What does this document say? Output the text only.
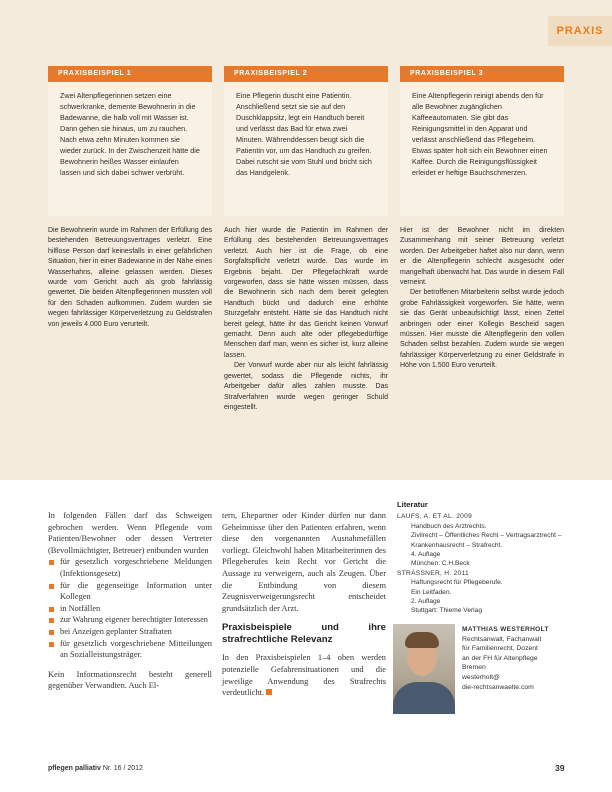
PRAXIS
PRAXISBEISPIEL 1
Zwei Altenpflegerinnen setzen eine schwerkranke, demente Bewohnerin in die Badewanne, die halb voll mit Wasser ist. Dann gehen sie hinaus, um zu rauchen. Nach etwa zehn Minuten kommen sie wieder zurück. In der Zwischenzeit hätte die Bewohnerin heißes Wasser einlaufen lassen und sich dabei schwer verbrüht.
PRAXISBEISPIEL 2
Eine Pflegerin duscht eine Patientin. Anschließend setzt sie sie auf den Duschklappsitz, legt ein Handtuch bereit und verlässt das Bad für etwa zwei Minuten. Währenddessen beugt sich die Patientin vor, um das Handtuch zu greifen. Dabei rutscht sie vom Stuhl und bricht sich das Handgelenk.
PRAXISBEISPIEL 3
Eine Altenpflegerin reinigt abends den für alle Bewohner zugänglichen Kaffeeautomaten. Sie gibt das Reinigungsmittel in den Apparat und verlässt anschließend das Pflegeheim. Etwas später holt sich ein Bewohner einen Kaffee. Durch die Reinigungsflüssigkeit erleidet er heftige Bauchschmerzen.

Die Bewohnerin wurde im Rahmen der Erfüllung des bestehenden Betreuungsvertrages verletzt. Eine hilflose Person darf keinesfalls in einer gefährlichen Situation, hier in einer Badewanne in der Nähe eines Wasserhahns, alleine gelassen werden. Dieses wurde vom Gericht auch als grob fahrlässig gewertet. Die beiden Altenpflegerinnen mussten voll für den Schaden aufkommen. Zudem wurden sie wegen fahrlässiger Körperverletzung zu Geldstrafen von jeweils 4.000 Euro verurteilt.

Auch hier wurde die Patientin im Rahmen der Erfüllung des bestehenden Betreuungsvertrages verletzt. Auch hier ist die Frage, ob eine Sorgfaltspflicht verletzt wurde. Das wurde im Ergebnis bejaht. Der Pflegefachkraft wurde vorgeworfen, dass sie hätte wissen müssen, dass die Bewohnerin sich nach dem bereit gelegten Handtuch bückt und dadurch eine erhöhte Sturzgefahr entsteht. Hätte sie das Handtuch nicht bereit gelegt, hätte ihr das Gericht keinen Vorwurf gemacht. Denn auch alte oder pflegebedürftige Menschen darf man, wenn es sicher ist, kurz alleine lassen.

Der Vorwurf wurde aber nur als leicht fahrlässig gewertet, sodass die Pflegende nichts, ihr Arbeitgeber dafür alles zahlen musste. Das Strafverfahren wurde wegen geringer Schuld eingestellt.

Hier ist der Bewohner nicht im direkten Zusammenhang mit seiner Betreuung verletzt worden. Der Arbeitgeber haftet also nur dann, wenn er die Altenpflegerin schlecht ausgesucht oder mangelhaft überwacht hat. Das wurde in diesem Fall verneint.

Der betroffenen Mitarbeiterin selbst wurde jedoch grobe Fahrlässigkeit vorgeworfen. Sie hätte, wenn sie das Gerät unbeaufsichtigt lässt, einen Zettel anbringen oder einer Kollegin Bescheid sagen müssen. Hier musste die Altenpflegerin den vollen Schaden selbst bezahlen. Zudem wurde sie wegen fahrlässiger Körperverletzung zu einer Geldstrafe in Höhe von 1.500 Euro verurteilt.

In folgenden Fällen darf das Schweigen gebrochen werden. Wenn Pflegende vom Patienten/Bewohner oder dessen Vertreter (Bevollmächtigter, Betreuer) entbunden wurden

für gesetzlich vorgeschriebene Meldungen (Infektionsgesetz)
für die gegenseitige Information unter Kollegen
in Notfällen
zur Wahrung eigener berechtigter Interessen
bei Anzeigen geplanter Straftaten
für gesetzlich vorgeschriebene Mitteilungen an Sozialleistungsträger.

Kein Informationsrecht besteht generell gegenüber Verwandten. Auch El-

tern, Ehepartner oder Kinder dürfen nur dann Geheimnisse über den Patienten erfahren, wenn diese den vorgenannten Ausnahmefällen vorliegt. Gleichwohl haben Mitarbeiterinnen des Pflegeberufes kein Recht vor Gericht die Aussage zu verweigern, auch als Zeugen. Über die Entbindung von diesem Zeugnisverweigerungsrecht entscheidet grundsätzlich der Arzt.

Praxisbeispiele und ihre strafrechtliche Relevanz

In den Praxisbeispielen 1–4 oben werden potenzielle Gefahrensituationen und die jeweilige Anwendung des Strafrechts verdeutlicht.

Literatur
LAUFS, A. ET AL. 2009
Handbuch des Arztrechts.
Zivilrecht – Öffentliches Recht – Vertragsarztrecht – Krankenhausrecht – Strafrecht.
4. Auflage
München: C.H.Beck
STRÄSSNER, H. 2011
Haftungsrecht für Pflegeberufe.
Ein Leitfaden.
2. Auflage
Stuttgart: Thieme Verlag
MATTHIAS WESTERHOLT
Rechtsanwalt, Fachanwalt
für Familienrecht, Dozent
an der FH für Altenpflege
Bremen
westerholt@
die-rechtsanwaelte.com
pflegen palliativ Nr. 16 / 2012	39
